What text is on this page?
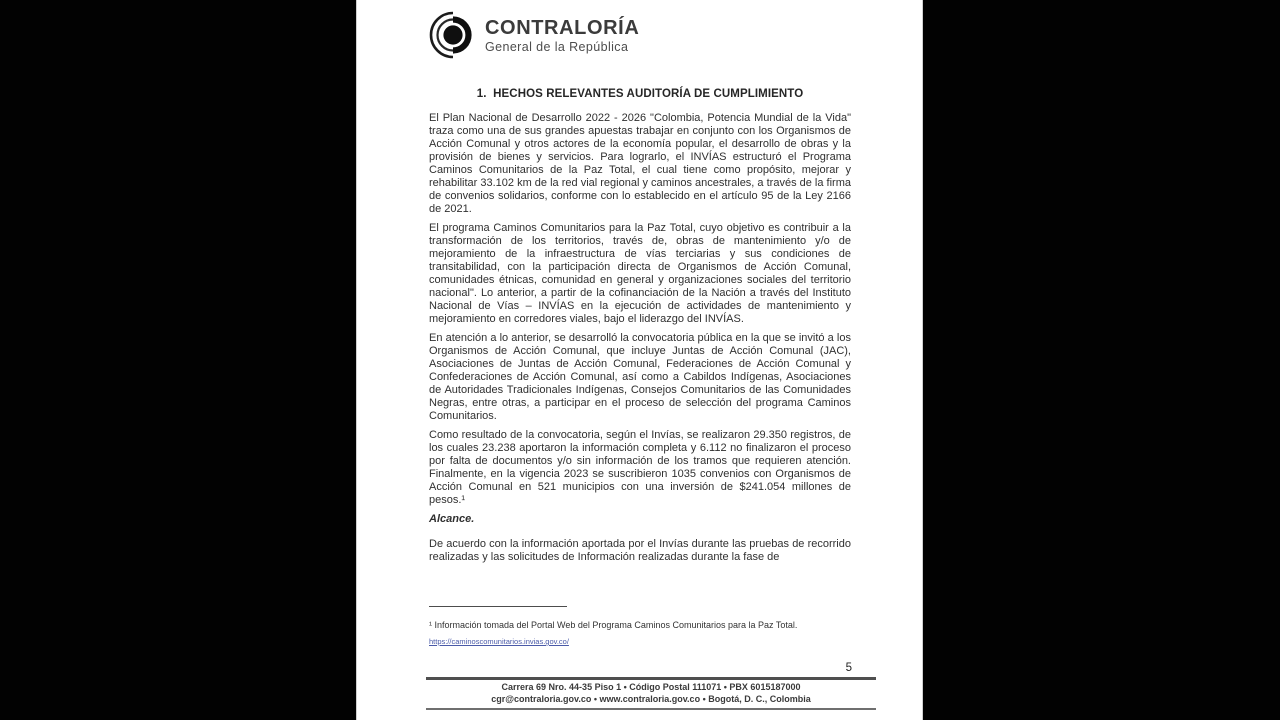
CONTRALORÍA
General de la República
1.  HECHOS RELEVANTES AUDITORÍA DE CUMPLIMIENTO

El Plan Nacional de Desarrollo 2022 - 2026 "Colombia, Potencia Mundial de la Vida" traza como una de sus grandes apuestas trabajar en conjunto con los Organismos de Acción Comunal y otros actores de la economía popular, el desarrollo de obras y la provisión de bienes y servicios. Para lograrlo, el INVÍAS estructuró el Programa Caminos Comunitarios de la Paz Total, el cual tiene como propósito, mejorar y rehabilitar 33.102 km de la red vial regional y caminos ancestrales, a través de la firma de convenios solidarios, conforme con lo establecido en el artículo 95 de la Ley 2166 de 2021.

El programa Caminos Comunitarios para la Paz Total, cuyo objetivo es contribuir a la transformación de los territorios, través de, obras de mantenimiento y/o de mejoramiento de la infraestructura de vías terciarias y sus condiciones de transitabilidad, con la participación directa de Organismos de Acción Comunal, comunidades étnicas, comunidad en general y organizaciones sociales del territorio nacional". Lo anterior, a partir de la cofinanciación de la Nación a través del Instituto Nacional de Vías – INVÍAS en la ejecución de actividades de mantenimiento y mejoramiento en corredores viales, bajo el liderazgo del INVÍAS.

En atención a lo anterior, se desarrolló la convocatoria pública en la que se invitó a los Organismos de Acción Comunal, que incluye Juntas de Acción Comunal (JAC), Asociaciones de Juntas de Acción Comunal, Federaciones de Acción Comunal y Confederaciones de Acción Comunal, así como a Cabildos Indígenas, Asociaciones de Autoridades Tradicionales Indígenas, Consejos Comunitarios de las Comunidades Negras, entre otras, a participar en el proceso de selección del programa Caminos Comunitarios.

Como resultado de la convocatoria, según el Invías, se realizaron 29.350 registros, de los cuales 23.238 aportaron la información completa y 6.112 no finalizaron el proceso por falta de documentos y/o sin información de los tramos que requieren atención. Finalmente, en la vigencia 2023 se suscribieron 1035 convenios con Organismos de Acción Comunal en 521 municipios con una inversión de $241.054 millones de pesos.¹

Alcance.

De acuerdo con la información aportada por el Invías durante las pruebas de recorrido realizadas y las solicitudes de Información realizadas durante la fase de

¹ Información tomada del Portal Web del Programa Caminos Comunitarios para la Paz Total.
https://caminoscomunitarios.invias.gov.co/
5
Carrera 69 Nro. 44-35 Piso 1 • Código Postal 111071 • PBX 6015187000
cgr@contraloria.gov.co • www.contraloria.gov.co • Bogotá, D. C., Colombia
